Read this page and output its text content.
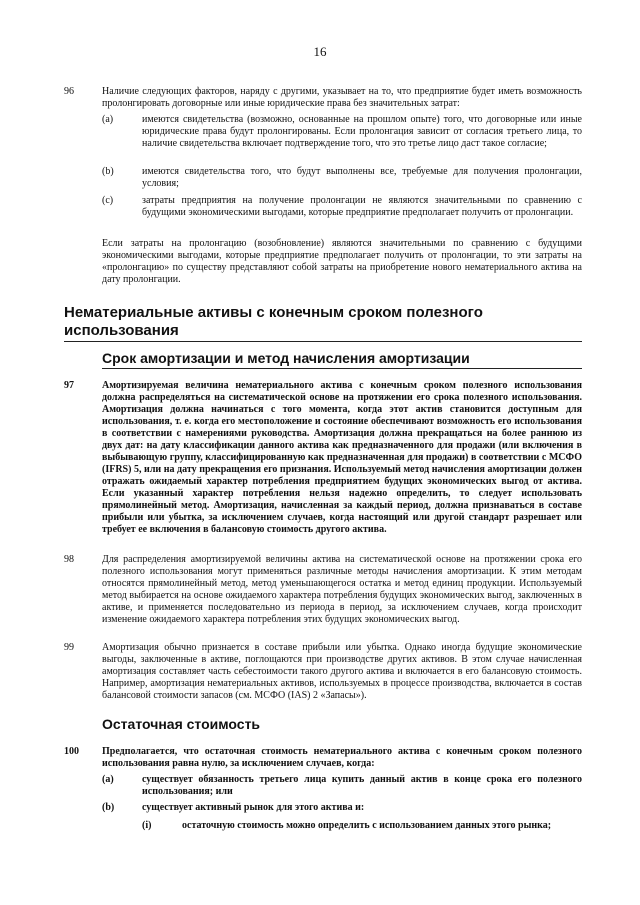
16
96	Наличие следующих факторов, наряду с другими, указывает на то, что предприятие будет иметь возможность пролонгировать договорные или иные юридические права без значительных затрат:
(a)	имеются свидетельства (возможно, основанные на прошлом опыте) того, что договорные или иные юридические права будут пролонгированы. Если пролонгация зависит от согласия третьего лица, то наличие свидетельства включает подтверждение того, что это третье лицо даст такое согласие;
(b)	имеются свидетельства того, что будут выполнены все, требуемые для получения пролонгации, условия;
(c)	затраты предприятия на получение пролонгации не являются значительными по сравнению с будущими экономическими выгодами, которые предприятие предполагает получить от пролонгации.
Если затраты на пролонгацию (возобновление) являются значительными по сравнению с будущими экономическими выгодами, которые предприятие предполагает получить от пролонгации, то эти затраты на «пролонгацию» по существу представляют собой затраты на приобретение нового нематериального актива на дату пролонгации.
Нематериальные активы с конечным сроком полезного использования
Срок амортизации и метод начисления амортизации
97	Амортизируемая величина нематериального актива с конечным сроком полезного использования должна распределяться на систематической основе на протяжении его срока полезного использования. Амортизация должна начинаться с того момента, когда этот актив становится доступным для использования, т. е. когда его местоположение и состояние обеспечивают возможность его использования в соответствии с намерениями руководства. Амортизация должна прекращаться на более раннюю из двух дат: на дату классификации данного актива как предназначенного для продажи (или включения в выбывающую группу, классифицированную как предназначенная для продажи) в соответствии с МСФО (IFRS) 5, или на дату прекращения его признания. Используемый метод начисления амортизации должен отражать ожидаемый характер потребления предприятием будущих экономических выгод от актива. Если указанный характер потребления нельзя надежно определить, то следует использовать прямолинейный метод. Амортизация, начисленная за каждый период, должна признаваться в составе прибыли или убытка, за исключением случаев, когда настоящий или другой стандарт разрешает или требует ее включения в балансовую стоимость другого актива.
98	Для распределения амортизируемой величины актива на систематической основе на протяжении срока его полезного использования могут применяться различные методы начисления амортизации. К этим методам относятся прямолинейный метод, метод уменьшающегося остатка и метод единиц продукции. Используемый метод выбирается на основе ожидаемого характера потребления будущих экономических выгод, заключенных в активе, и применяется последовательно из периода в период, за исключением случаев, когда происходит изменение ожидаемого характера потребления этих будущих экономических выгод.
99	Амортизация обычно признается в составе прибыли или убытка. Однако иногда будущие экономические выгоды, заключенные в активе, поглощаются при производстве других активов. В этом случае начисленная амортизация составляет часть себестоимости такого другого актива и включается в его балансовую стоимость. Например, амортизация нематериальных активов, используемых в процессе производства, включается в состав балансовой стоимости запасов (см. МСФО (IAS) 2 «Запасы»).
Остаточная стоимость
100 Предполагается, что остаточная стоимость нематериального актива с конечным сроком полезного использования равна нулю, за исключением случаев, когда:
(a)	существует обязанность третьего лица купить данный актив в конце срока его полезного использования; или
(b)	существует активный рынок для этого актива и:
(i)	остаточную стоимость можно определить с использованием данных этого рынка;
